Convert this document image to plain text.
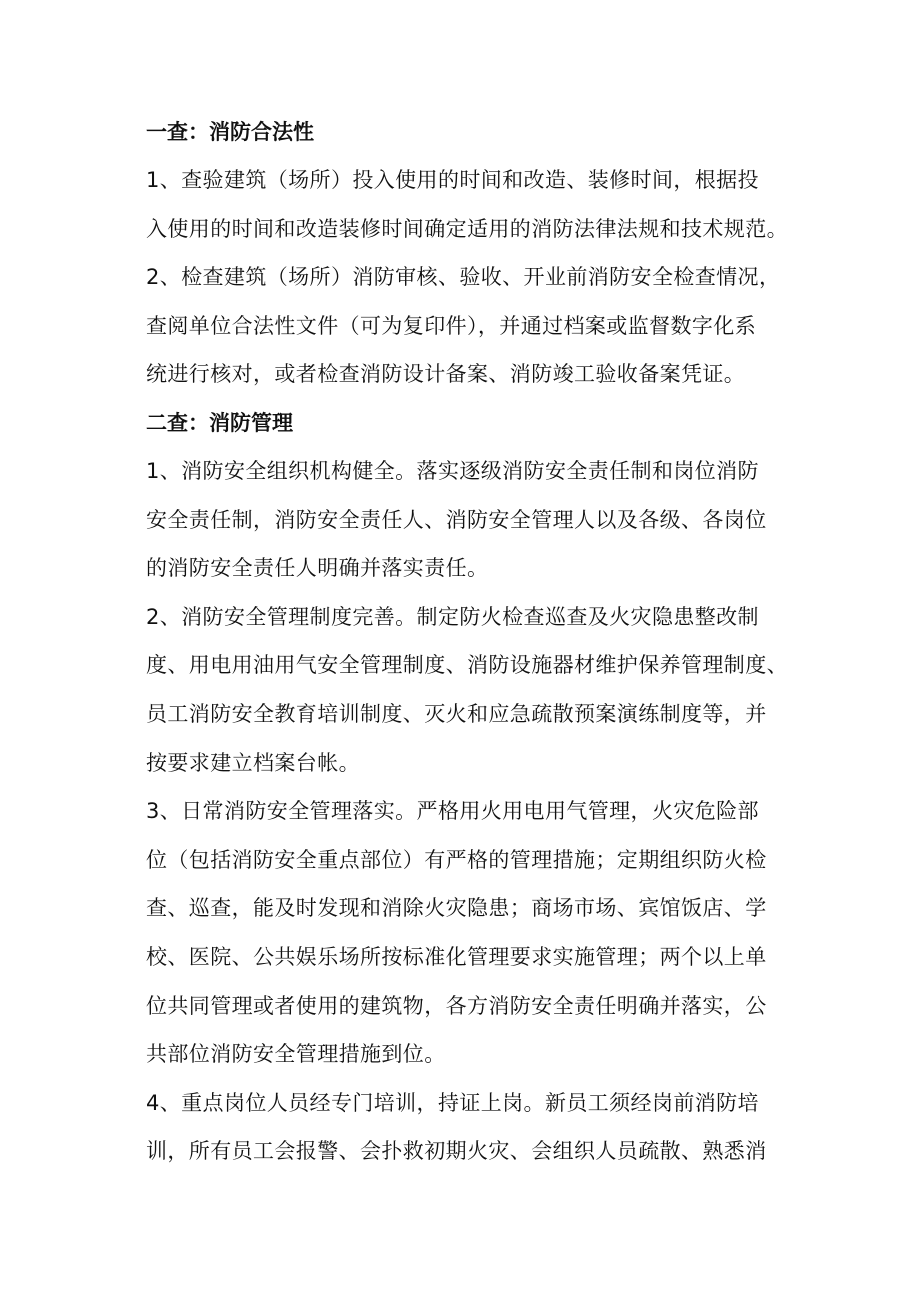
一查：消防合法性
1、查验建筑（场所）投入使用的时间和改造、装修时间，根据投
入使用的时间和改造装修时间确定适用的消防法律法规和技术规范。
2、检查建筑（场所）消防审核、验收、开业前消防安全检查情况，
查阅单位合法性文件（可为复印件），并通过档案或监督数字化系
统进行核对，或者检查消防设计备案、消防竣工验收备案凭证。
二查：消防管理
1、消防安全组织机构健全。落实逐级消防安全责任制和岗位消防
安全责任制，消防安全责任人、消防安全管理人以及各级、各岗位
的消防安全责任人明确并落实责任。
2、消防安全管理制度完善。制定防火检查巡查及火灾隐患整改制
度、用电用油用气安全管理制度、消防设施器材维护保养管理制度、
员工消防安全教育培训制度、灭火和应急疏散预案演练制度等，并
按要求建立档案台帐。
3、日常消防安全管理落实。严格用火用电用气管理，火灾危险部
位（包括消防安全重点部位）有严格的管理措施；定期组织防火检
查、巡查，能及时发现和消除火灾隐患；商场市场、宾馆饭店、学
校、医院、公共娱乐场所按标准化管理要求实施管理；两个以上单
位共同管理或者使用的建筑物，各方消防安全责任明确并落实，公
共部位消防安全管理措施到位。
4、重点岗位人员经专门培训，持证上岗。新员工须经岗前消防培
训，所有员工会报警、会扑救初期火灾、会组织人员疏散、熟悉消
